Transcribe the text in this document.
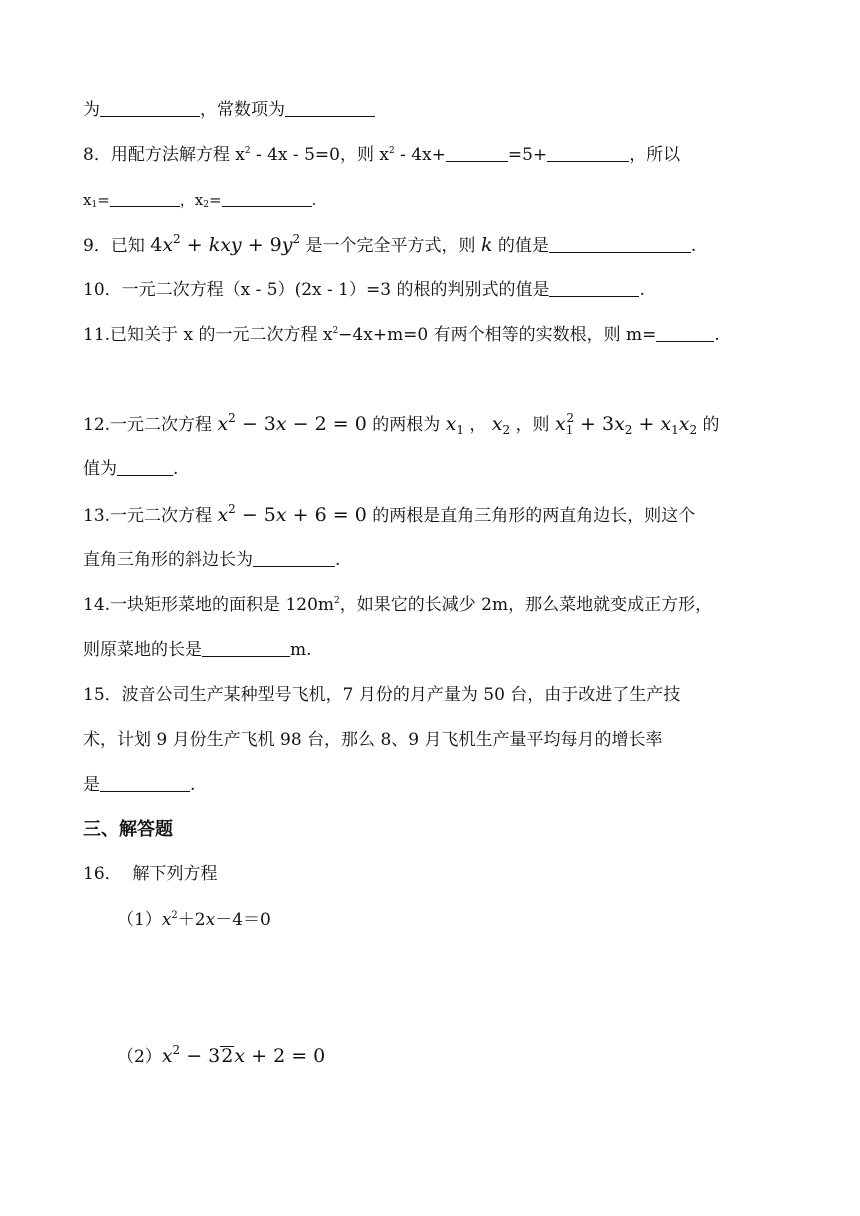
为	，常数项为
8．用配方法解方程 $x^2 - 4x - 5=0$，则 $x^2 - 4x+$	=5+	，所以
$x_1=$	，$x_2=$	.
9．已知 $4x^2$ + kxy + $9y^2$ 是一个完全平方式，则 k 的值是	.
10．一元二次方程（x - 5）(2x - 1）=3 的根的判别式的值是	.
11.已知关于 x 的一元二次方程 $x^2-4x+m=0$ 有两个相等的实数根，则 m=	.
12.一元二次方程 $x^2 - 3x - 2 = 0$ 的两根为 $x_1$ ， $x_2$ ，则 $x_1^2 + 3x_2 + x_1x_2$ 的
值为	.
13.一元二次方程 $x^2 - 5x + 6 = 0$ 的两根是直角三角形的两直角边长，则这个
直角三角形的斜边长为	.
14.一块矩形菜地的面积是 $120m^2$，如果它的长减少 2m，那么菜地就变成正方形，
则原菜地的长是	m.
15．波音公司生产某种型号飞机，7 月份的月产量为 50 台，由于改进了生产技
术，计划 9 月份生产飞机 98 台，那么 8、9 月飞机生产量平均每月的增长率
是	.
三、解答题
16． 解下列方程
$(1)x^2+2x-4=0$
$(2)x^2 - 32x + 2 = 0$
